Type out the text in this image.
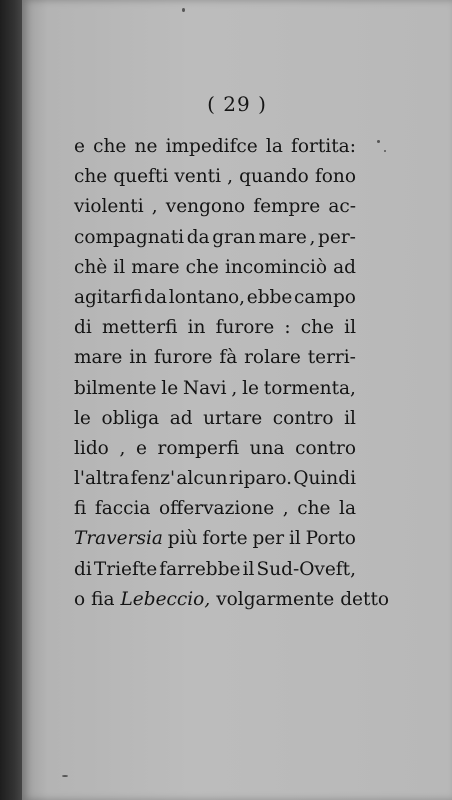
( 29 )
e che ne impedifce la fortita:
che quefti venti , quando fono
violenti , vengono fempre ac-
compagnati da gran mare , per-
chè il mare che incominciò ad
agitarfi da lontano, ebbe campo
di metterfi in furore : che il
mare in furore fà rolare terri-
bilmente le Navi , le tormenta,
le obliga ad urtare contro il
lido , e romperfi una contro
l'altra fenz' alcun riparo. Quindi
fi faccia offervazione , che la
Traversia più forte per il Porto
di Triefte farrebbe il Sud-Oveft,
o fia Lebeccio, volgarmente detto
